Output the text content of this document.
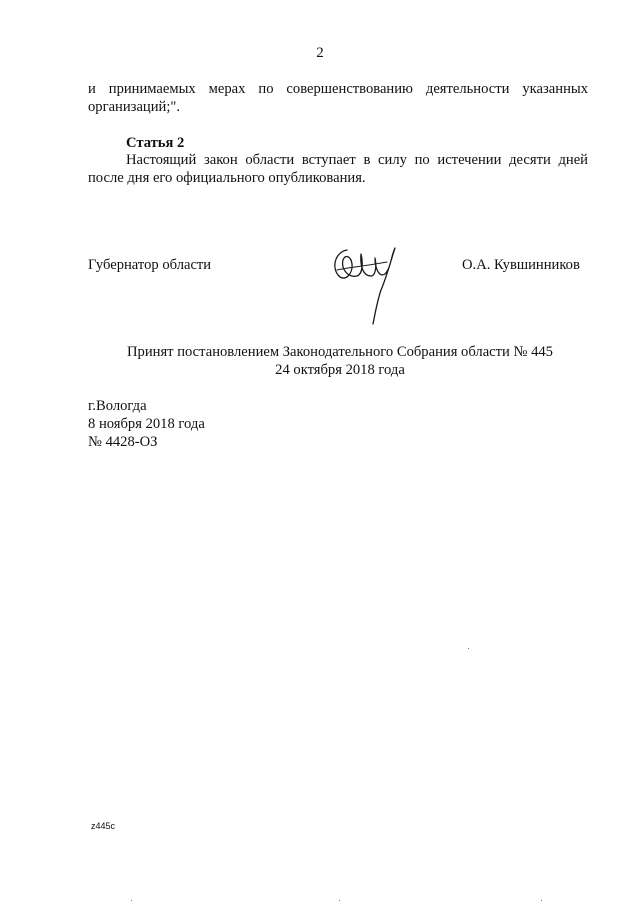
2
и принимаемых мерах по совершенствованию деятельности указанных
организаций;".
Статья 2
Настоящий закон области вступает в силу по истечении десяти дней
после дня его официального опубликования.
Губернатор области	О.А. Кувшинников
Принят постановлением Законодательного Собрания области № 445
24 октября 2018 года
г.Вологда
8 ноября 2018 года
№ 4428-ОЗ
z445c
